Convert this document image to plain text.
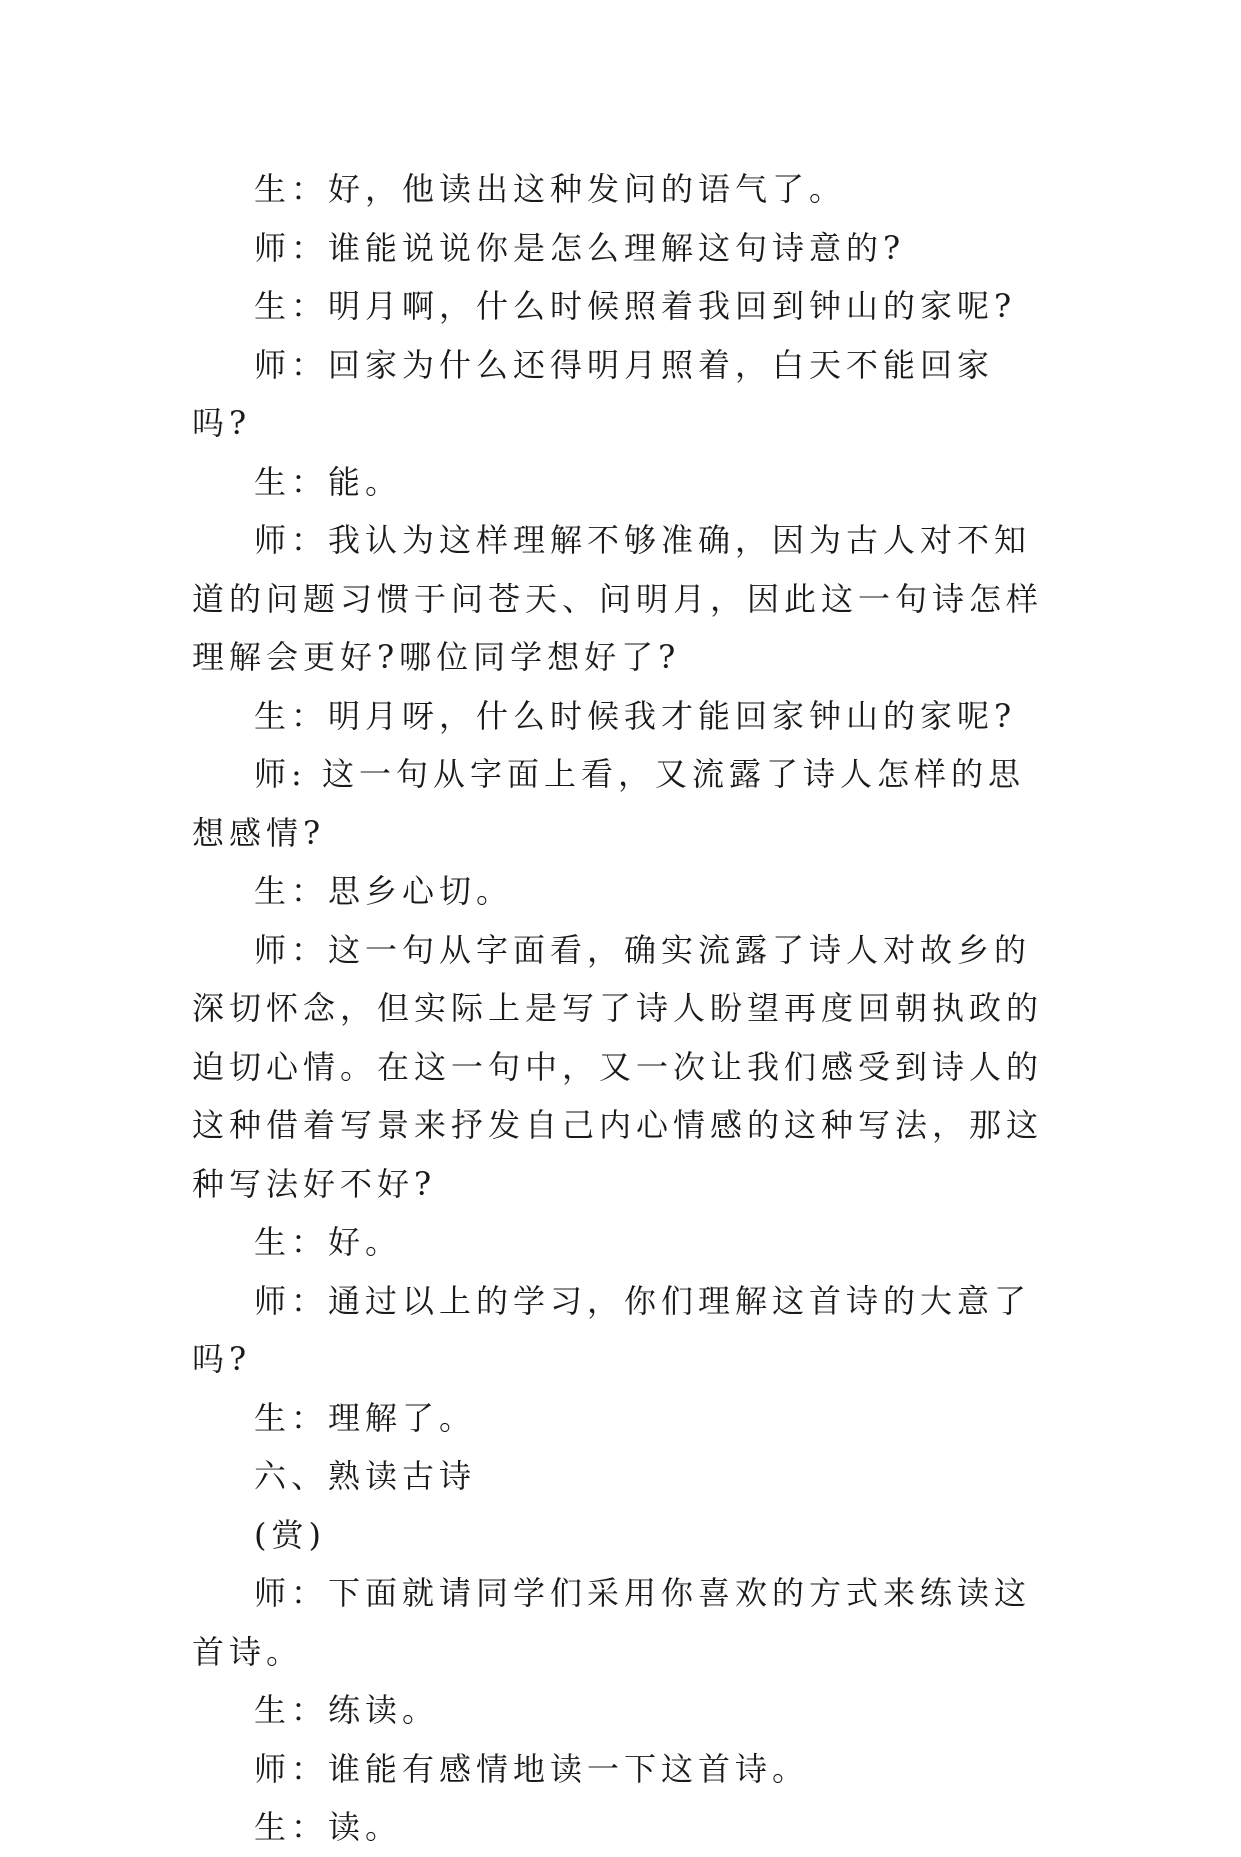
生：好，他读出这种发问的语气了。

师：谁能说说你是怎么理解这句诗意的?

生：明月啊，什么时候照着我回到钟山的家呢?

师：回家为什么还得明月照着，白天不能回家吗?

生：能。

师：我认为这样理解不够准确，因为古人对不知道的问题习惯于问苍天、问明月，因此这一句诗怎样理解会更好?哪位同学想好了?

生：明月呀，什么时候我才能回家钟山的家呢?

师: 这一句从字面上看，又流露了诗人怎样的思想感情?

生：思乡心切。

师：这一句从字面看，确实流露了诗人对故乡的深切怀念，但实际上是写了诗人盼望再度回朝执政的迫切心情。在这一句中，又一次让我们感受到诗人的这种借着写景来抒发自己内心情感的这种写法，那这种写法好不好?

生：好。

师：通过以上的学习，你们理解这首诗的大意了吗?

生：理解了。

六、熟读古诗

(赏)

师：下面就请同学们采用你喜欢的方式来练读这首诗。

生：练读。

师：谁能有感情地读一下这首诗。

生：读。
